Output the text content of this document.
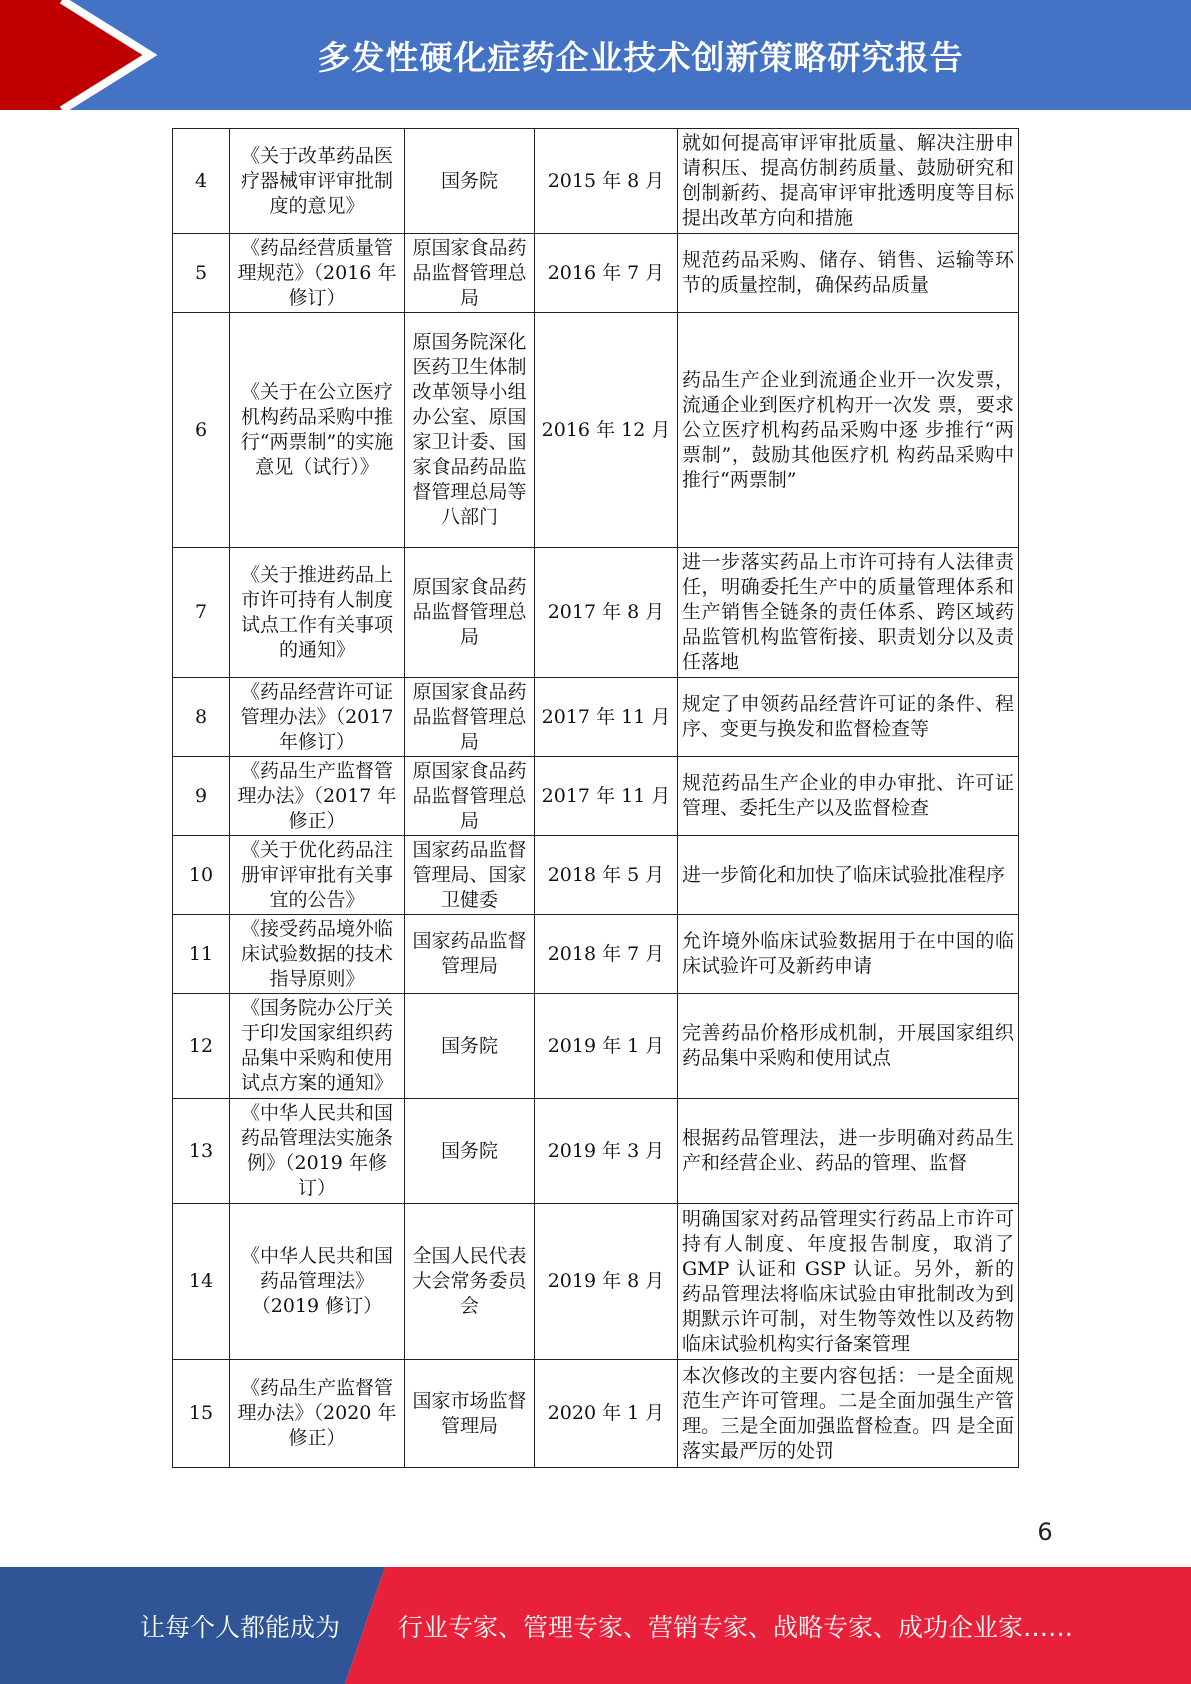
多发性硬化症药企业技术创新策略研究报告
4	《关于改革药品医疗器械审评审批制度的意见》	国务院	2015 年 8 月	就如何提高审评审批质量、解决注册申请积压、提高仿制药质量、鼓励研究和创制新药、提高审评审批透明度等目标提出改革方向和措施
5	《药品经营质量管理规范》（2016 年修订）	原国家食品药品监督管理总局	2016 年 7 月	规范药品采购、储存、销售、运输等环节的质量控制，确保药品质量
6	《关于在公立医疗机构药品采购中推行“两票制”的实施意见（试行）》	原国务院深化医药卫生体制改革领导小组办公室、原国家卫计委、国家食品药品监督管理总局等八部门	2016 年 12 月	药品生产企业到流通企业开一次发票，流通企业到医疗机构开一次发 票，要求公立医疗机构药品采购中逐 步推行“两票制”，鼓励其他医疗机 构药品采购中推行“两票制”
7	《关于推进药品上市许可持有人制度试点工作有关事项的通知》	原国家食品药品监督管理总局	2017 年 8 月	进一步落实药品上市许可持有人法律责任，明确委托生产中的质量管理体系和生产销售全链条的责任体系、跨区域药品监管机构监管衔接、职责划分以及责任落地
8	《药品经营许可证管理办法》（2017 年修订）	原国家食品药品监督管理总局	2017 年 11 月	规定了申领药品经营许可证的条件、程序、变更与换发和监督检查等
9	《药品生产监督管理办法》（2017 年修正）	原国家食品药品监督管理总局	2017 年 11 月	规范药品生产企业的申办审批、许可证管理、委托生产以及监督检查
10	《关于优化药品注册审评审批有关事宜的公告》	国家药品监督管理局、国家卫健委	2018 年 5 月	进一步简化和加快了临床试验批准程序
11	《接受药品境外临床试验数据的技术指导原则》	国家药品监督管理局	2018 年 7 月	允许境外临床试验数据用于在中国的临床试验许可及新药申请
12	《国务院办公厅关于印发国家组织药品集中采购和使用试点方案的通知》	国务院	2019 年 1 月	完善药品价格形成机制，开展国家组织药品集中采购和使用试点
13	《中华人民共和国药品管理法实施条例》（2019 年修订）	国务院	2019 年 3 月	根据药品管理法，进一步明确对药品生产和经营企业、药品的管理、监督
14	《中华人民共和国药品管理法》（2019 修订）	全国人民代表大会常务委员会	2019 年 8 月	明确国家对药品管理实行药品上市许可持有人制度、年度报告制度，取消了 GMP 认证和 GSP 认证。另外，新的药品管理法将临床试验由审批制改为到期默示许可制，对生物等效性以及药物临床试验机构实行备案管理
15	《药品生产监督管理办法》（2020 年修正）	国家市场监督管理局	2020 年 1 月	本次修改的主要内容包括：一是全面规范生产许可管理。二是全面加强生产管理。三是全面加强监督检查。四 是全面落实最严厉的处罚
6
让每个人都能成为	行业专家、管理专家、营销专家、战略专家、成功企业家……
